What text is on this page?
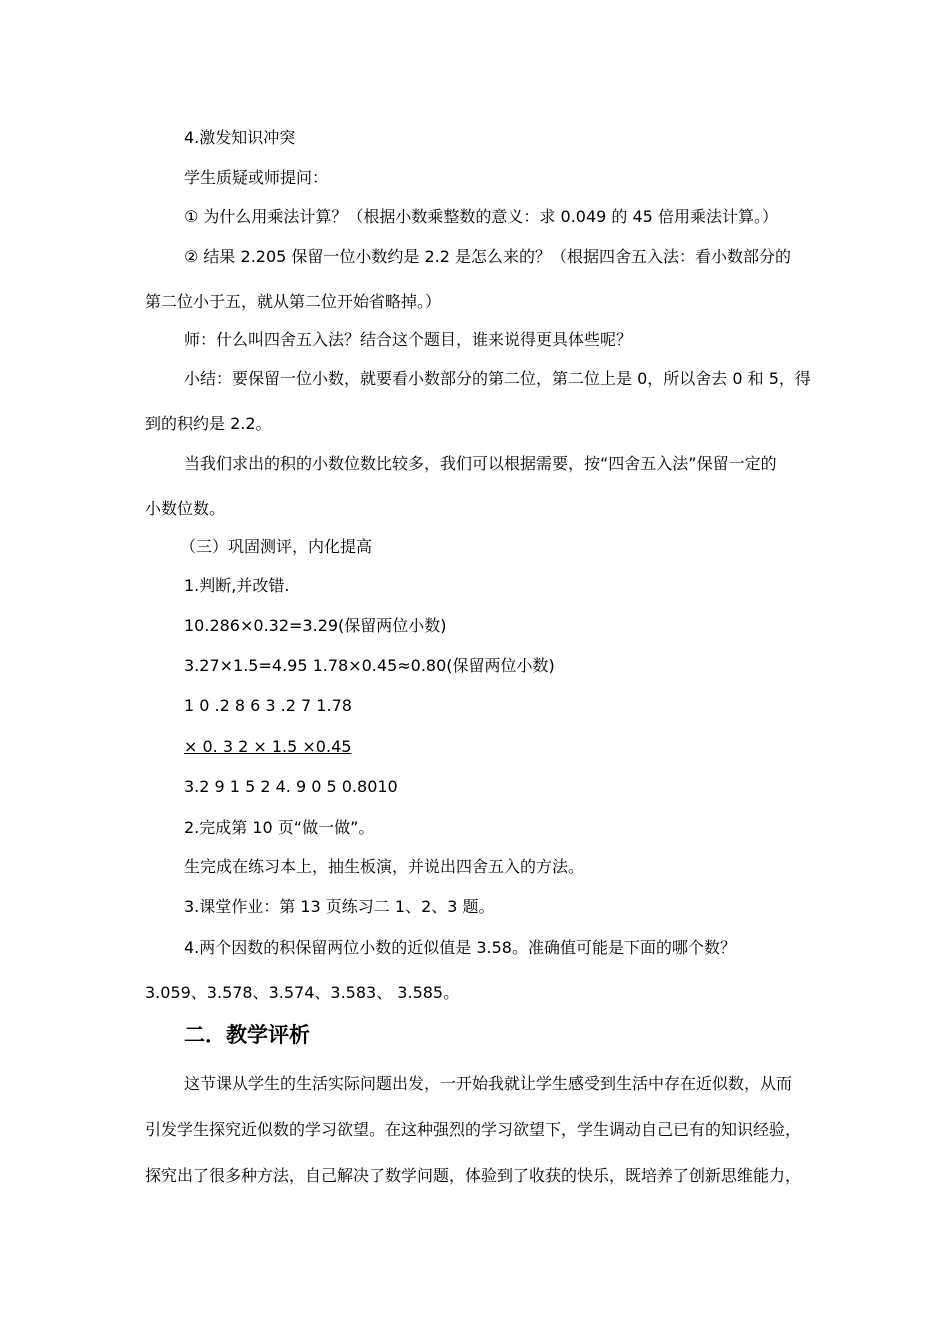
4.激发知识冲突
学生质疑或师提问：
① 为什么用乘法计算？（根据小数乘整数的意义：求 0.049 的 45 倍用乘法计算。）
② 结果 2.205 保留一位小数约是 2.2 是怎么来的？（根据四舍五入法：看小数部分的
第二位小于五，就从第二位开始省略掉。）
师：什么叫四舍五入法？结合这个题目，谁来说得更具体些呢？
小结：要保留一位小数，就要看小数部分的第二位，第二位上是 0，所以舍去 0 和 5，得
到的积约是 2.2。
当我们求出的积的小数位数比较多，我们可以根据需要，按“四舍五入法”保留一定的
小数位数。
（三）巩固测评，内化提高
1.判断,并改错.
10.286×0.32=3.29(保留两位小数)
3.27×1.5=4.95 1.78×0.45≈0.80(保留两位小数)
1 0 .2 8 6 3 .2 7 1.78
× 0. 3 2 × 1.5 ×0.45
3.2 9 1 5 2 4. 9 0 5 0.8010
2.完成第 10 页“做一做”。
生完成在练习本上，抽生板演，并说出四舍五入的方法。
3.课堂作业：第 13 页练习二 1、2、3 题。
4.两个因数的积保留两位小数的近似值是 3.58。准确值可能是下面的哪个数？
3.059、3.578、3.574、3.583、 3.585。
二．教学评析
这节课从学生的生活实际问题出发，一开始我就让学生感受到生活中存在近似数，从而
引发学生探究近似数的学习欲望。在这种强烈的学习欲望下，学生调动自己已有的知识经验，
探究出了很多种方法，自己解决了数学问题，体验到了收获的快乐，既培养了创新思维能力，
